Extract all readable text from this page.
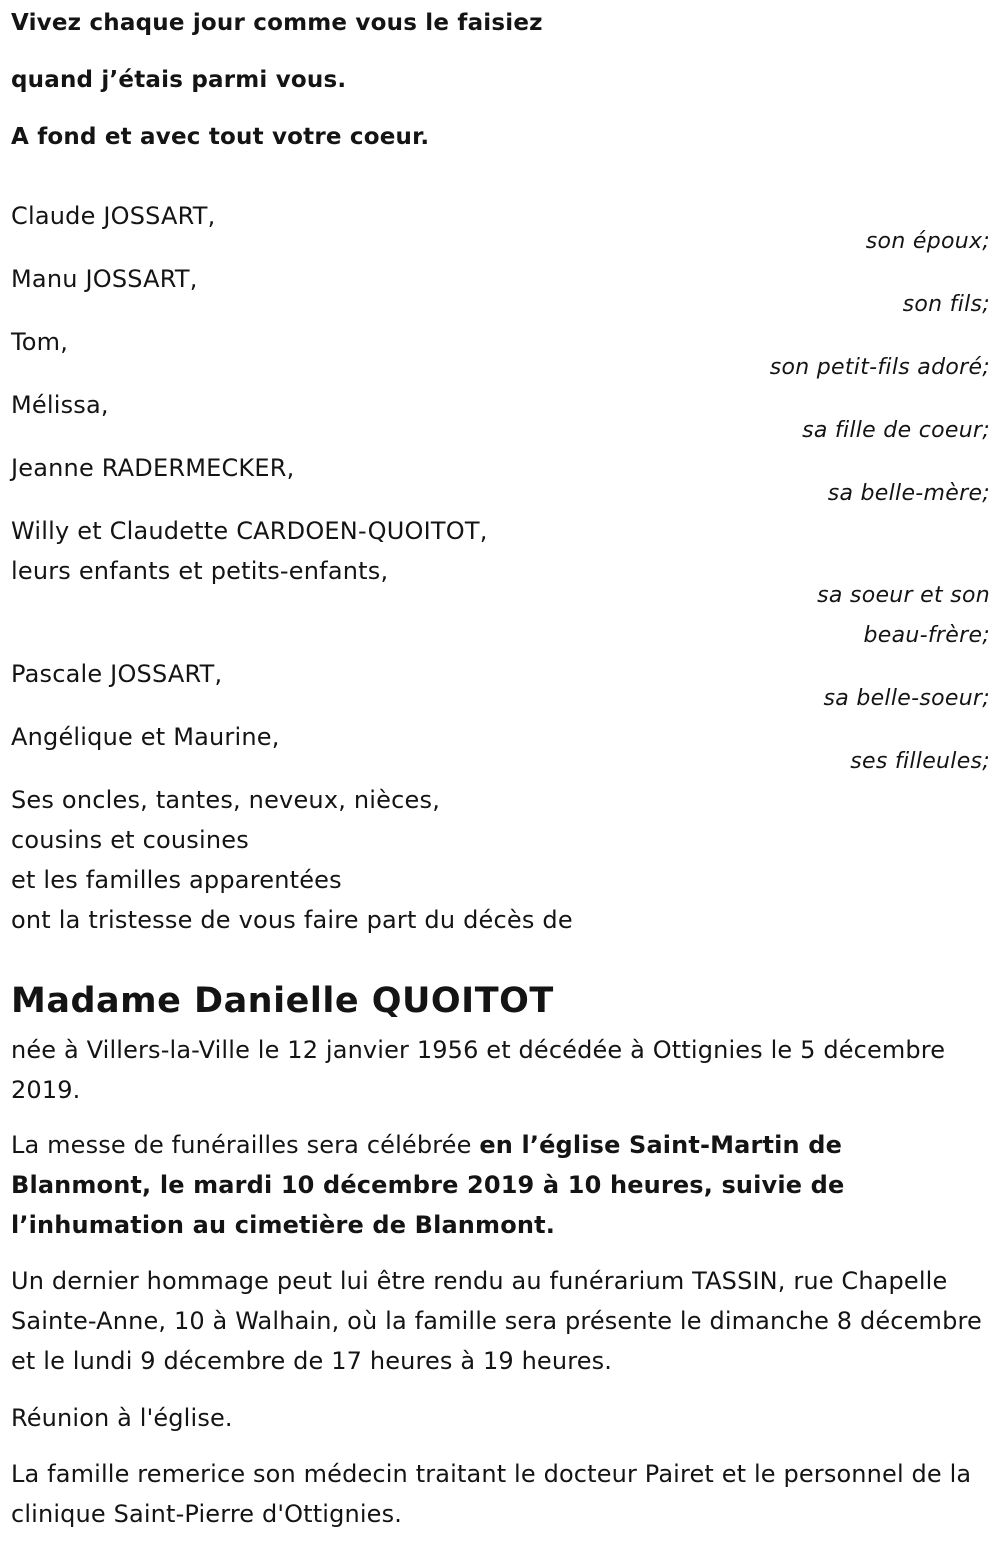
Vivez chaque jour comme vous le faisiez
quand j’étais parmi vous.
A fond et avec tout votre coeur.
Claude JOSSART,
son époux;
Manu JOSSART,
son fils;
Tom,
son petit-fils adoré;
Mélissa,
sa fille de coeur;
Jeanne RADERMECKER,
sa belle-mère;
Willy et Claudette CARDOEN-QUOITOT,
leurs enfants et petits-enfants,
sa soeur et son
beau-frère;
Pascale JOSSART,
sa belle-soeur;
Angélique et Maurine,
ses filleules;
Ses oncles, tantes, neveux, nièces,
cousins et cousines
et les familles apparentées
ont la tristesse de vous faire part du décès de
Madame Danielle QUOITOT

née à Villers-la-Ville le 12 janvier 1956 et décédée à Ottignies le 5 décembre 2019.

La messe de funérailles sera célébrée en l’église Saint-Martin de Blanmont, le mardi 10 décembre 2019 à 10 heures, suivie de l’inhumation au cimetière de Blanmont.

Un dernier hommage peut lui être rendu au funérarium TASSIN, rue Chapelle Sainte-Anne, 10 à Walhain, où la famille sera présente le dimanche 8 décembre et le lundi 9 décembre de 17 heures à 19 heures.

Réunion à l'église.

La famille remerice son médecin traitant le docteur Pairet et le personnel de la clinique Saint-Pierre d'Ottignies.
